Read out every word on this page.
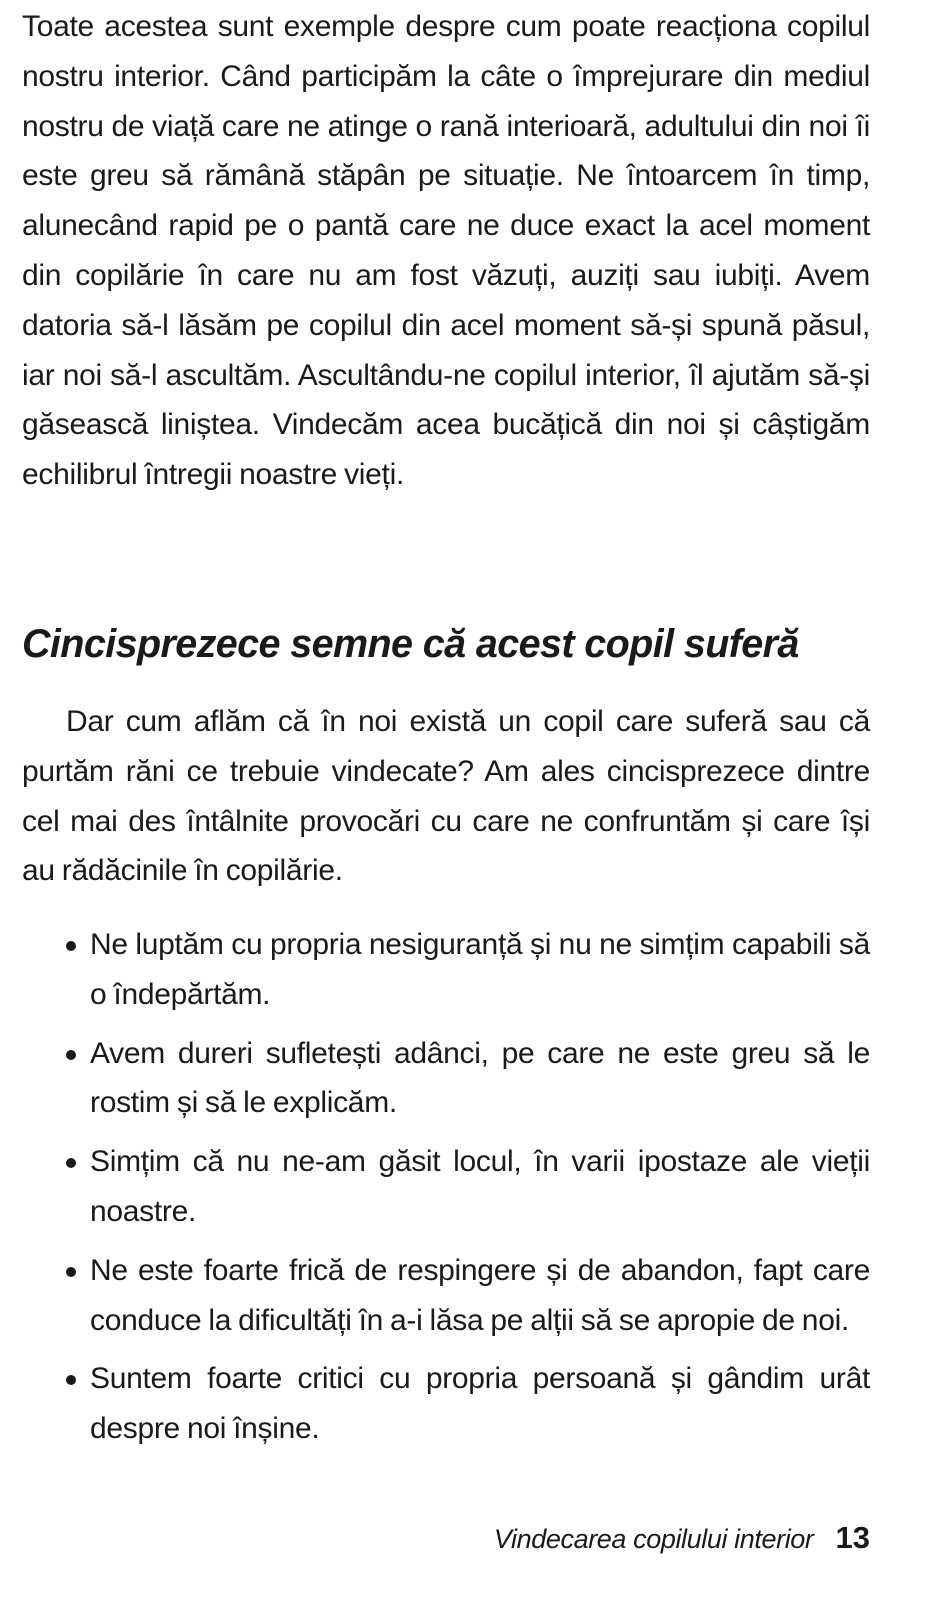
Toate acestea sunt exemple despre cum poate reacționa copilul nostru interior. Când participăm la câte o împrejurare din mediul nostru de viață care ne atinge o rană interioară, adultului din noi îi este greu să rămână stăpân pe situație. Ne întoarcem în timp, alunecând rapid pe o pantă care ne duce exact la acel moment din copilărie în care nu am fost văzuți, auziți sau iubiți. Avem datoria să-l lăsăm pe copilul din acel moment să-și spună păsul, iar noi să-l ascultăm. Ascultându-ne copilul interior, îl ajutăm să-și găsească liniștea. Vindecăm acea bucățică din noi și câștigăm echilibrul întregii noastre vieți.

Cincisprezece semne că acest copil suferă

Dar cum aflăm că în noi există un copil care suferă sau că purtăm răni ce trebuie vindecate? Am ales cincisprezece dintre cel mai des întâlnite provocări cu care ne confruntăm și care își au rădăcinile în copilărie.

Ne luptăm cu propria nesiguranță și nu ne simțim capabili să o îndepărtăm.
Avem dureri sufletești adânci, pe care ne este greu să le rostim și să le explicăm.
Simțim că nu ne-am găsit locul, în varii ipostaze ale vieții noastre.
Ne este foarte frică de respingere și de abandon, fapt care conduce la dificultăți în a-i lăsa pe alții să se apropie de noi.
Suntem foarte critici cu propria persoană și gândim urât despre noi înșine.
Vindecarea copilului interior 13
